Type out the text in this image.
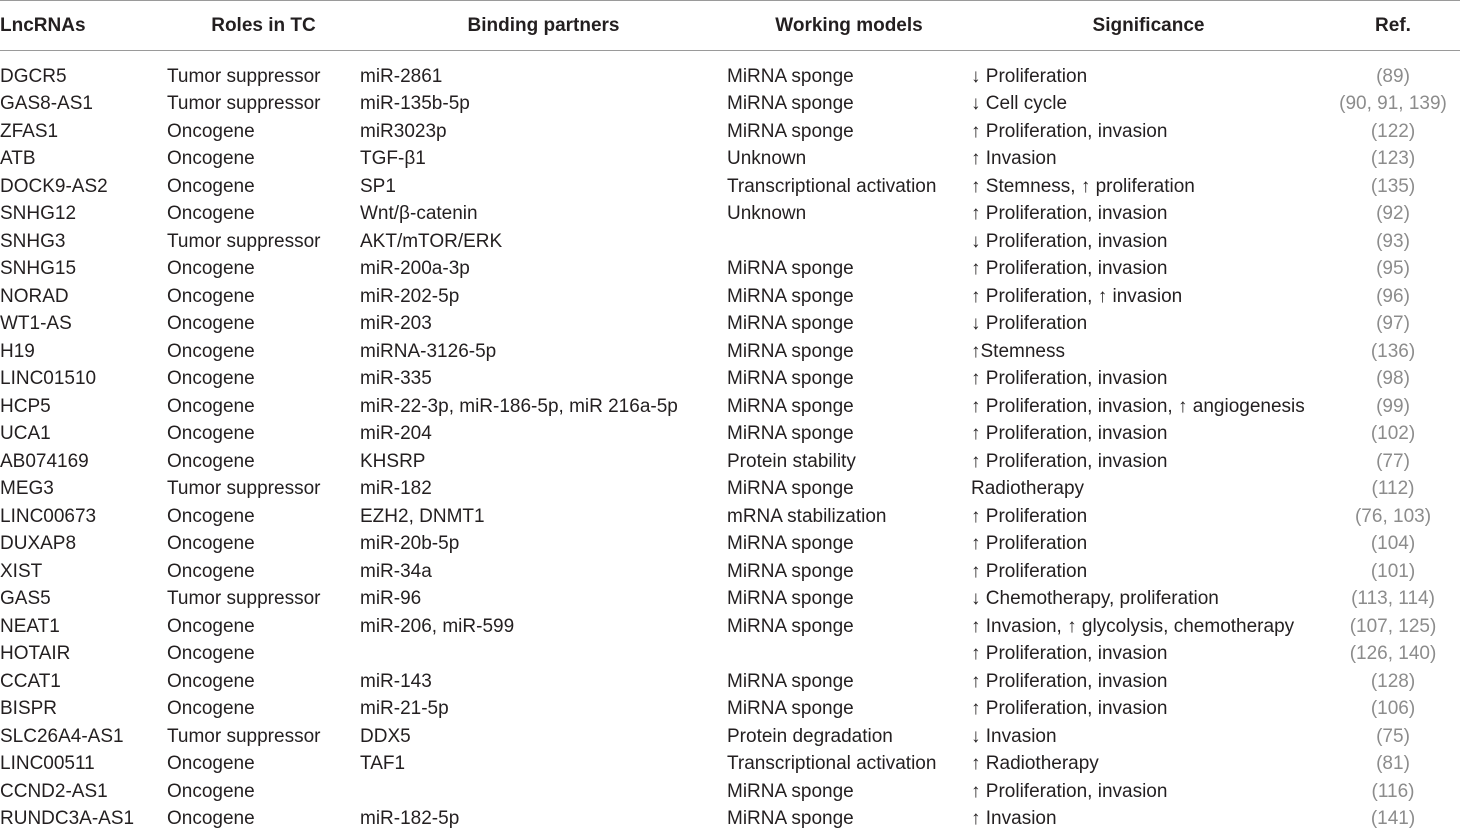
LncRNAs	Roles in TC	Binding partners	Working models	Significance	Ref.
DGCR5	Tumor suppressor	miR-2861	MiRNA sponge	↓ Proliferation	(89)
GAS8-AS1	Tumor suppressor	miR-135b-5p	MiRNA sponge	↓ Cell cycle	(90, 91, 139)
ZFAS1	Oncogene	miR3023p	MiRNA sponge	↑ Proliferation, invasion	(122)
ATB	Oncogene	TGF-β1	Unknown	↑ Invasion	(123)
DOCK9-AS2	Oncogene	SP1	Transcriptional activation	↑ Stemness, ↑ proliferation	(135)
SNHG12	Oncogene	Wnt/β-catenin	Unknown	↑ Proliferation, invasion	(92)
SNHG3	Tumor suppressor	AKT/mTOR/ERK		↓ Proliferation, invasion	(93)
SNHG15	Oncogene	miR-200a-3p	MiRNA sponge	↑ Proliferation, invasion	(95)
NORAD	Oncogene	miR-202-5p	MiRNA sponge	↑ Proliferation, ↑ invasion	(96)
WT1-AS	Oncogene	miR-203	MiRNA sponge	↓ Proliferation	(97)
H19	Oncogene	miRNA-3126-5p	MiRNA sponge	↑Stemness	(136)
LINC01510	Oncogene	miR-335	MiRNA sponge	↑ Proliferation, invasion	(98)
HCP5	Oncogene	miR-22-3p, miR-186-5p, miR 216a-5p	MiRNA sponge	↑ Proliferation, invasion, ↑ angiogenesis	(99)
UCA1	Oncogene	miR-204	MiRNA sponge	↑ Proliferation, invasion	(102)
AB074169	Oncogene	KHSRP	Protein stability	↑ Proliferation, invasion	(77)
MEG3	Tumor suppressor	miR-182	MiRNA sponge	Radiotherapy	(112)
LINC00673	Oncogene	EZH2, DNMT1	mRNA stabilization	↑ Proliferation	(76, 103)
DUXAP8	Oncogene	miR-20b-5p	MiRNA sponge	↑ Proliferation	(104)
XIST	Oncogene	miR-34a	MiRNA sponge	↑ Proliferation	(101)
GAS5	Tumor suppressor	miR-96	MiRNA sponge	↓ Chemotherapy, proliferation	(113, 114)
NEAT1	Oncogene	miR-206, miR-599	MiRNA sponge	↑ Invasion, ↑ glycolysis, chemotherapy	(107, 125)
HOTAIR	Oncogene			↑ Proliferation, invasion	(126, 140)
CCAT1	Oncogene	miR-143	MiRNA sponge	↑ Proliferation, invasion	(128)
BISPR	Oncogene	miR-21-5p	MiRNA sponge	↑ Proliferation, invasion	(106)
SLC26A4-AS1	Tumor suppressor	DDX5	Protein degradation	↓ Invasion	(75)
LINC00511	Oncogene	TAF1	Transcriptional activation	↑ Radiotherapy	(81)
CCND2-AS1	Oncogene		MiRNA sponge	↑ Proliferation, invasion	(116)
RUNDC3A-AS1	Oncogene	miR-182-5p	MiRNA sponge	↑ Invasion	(141)
